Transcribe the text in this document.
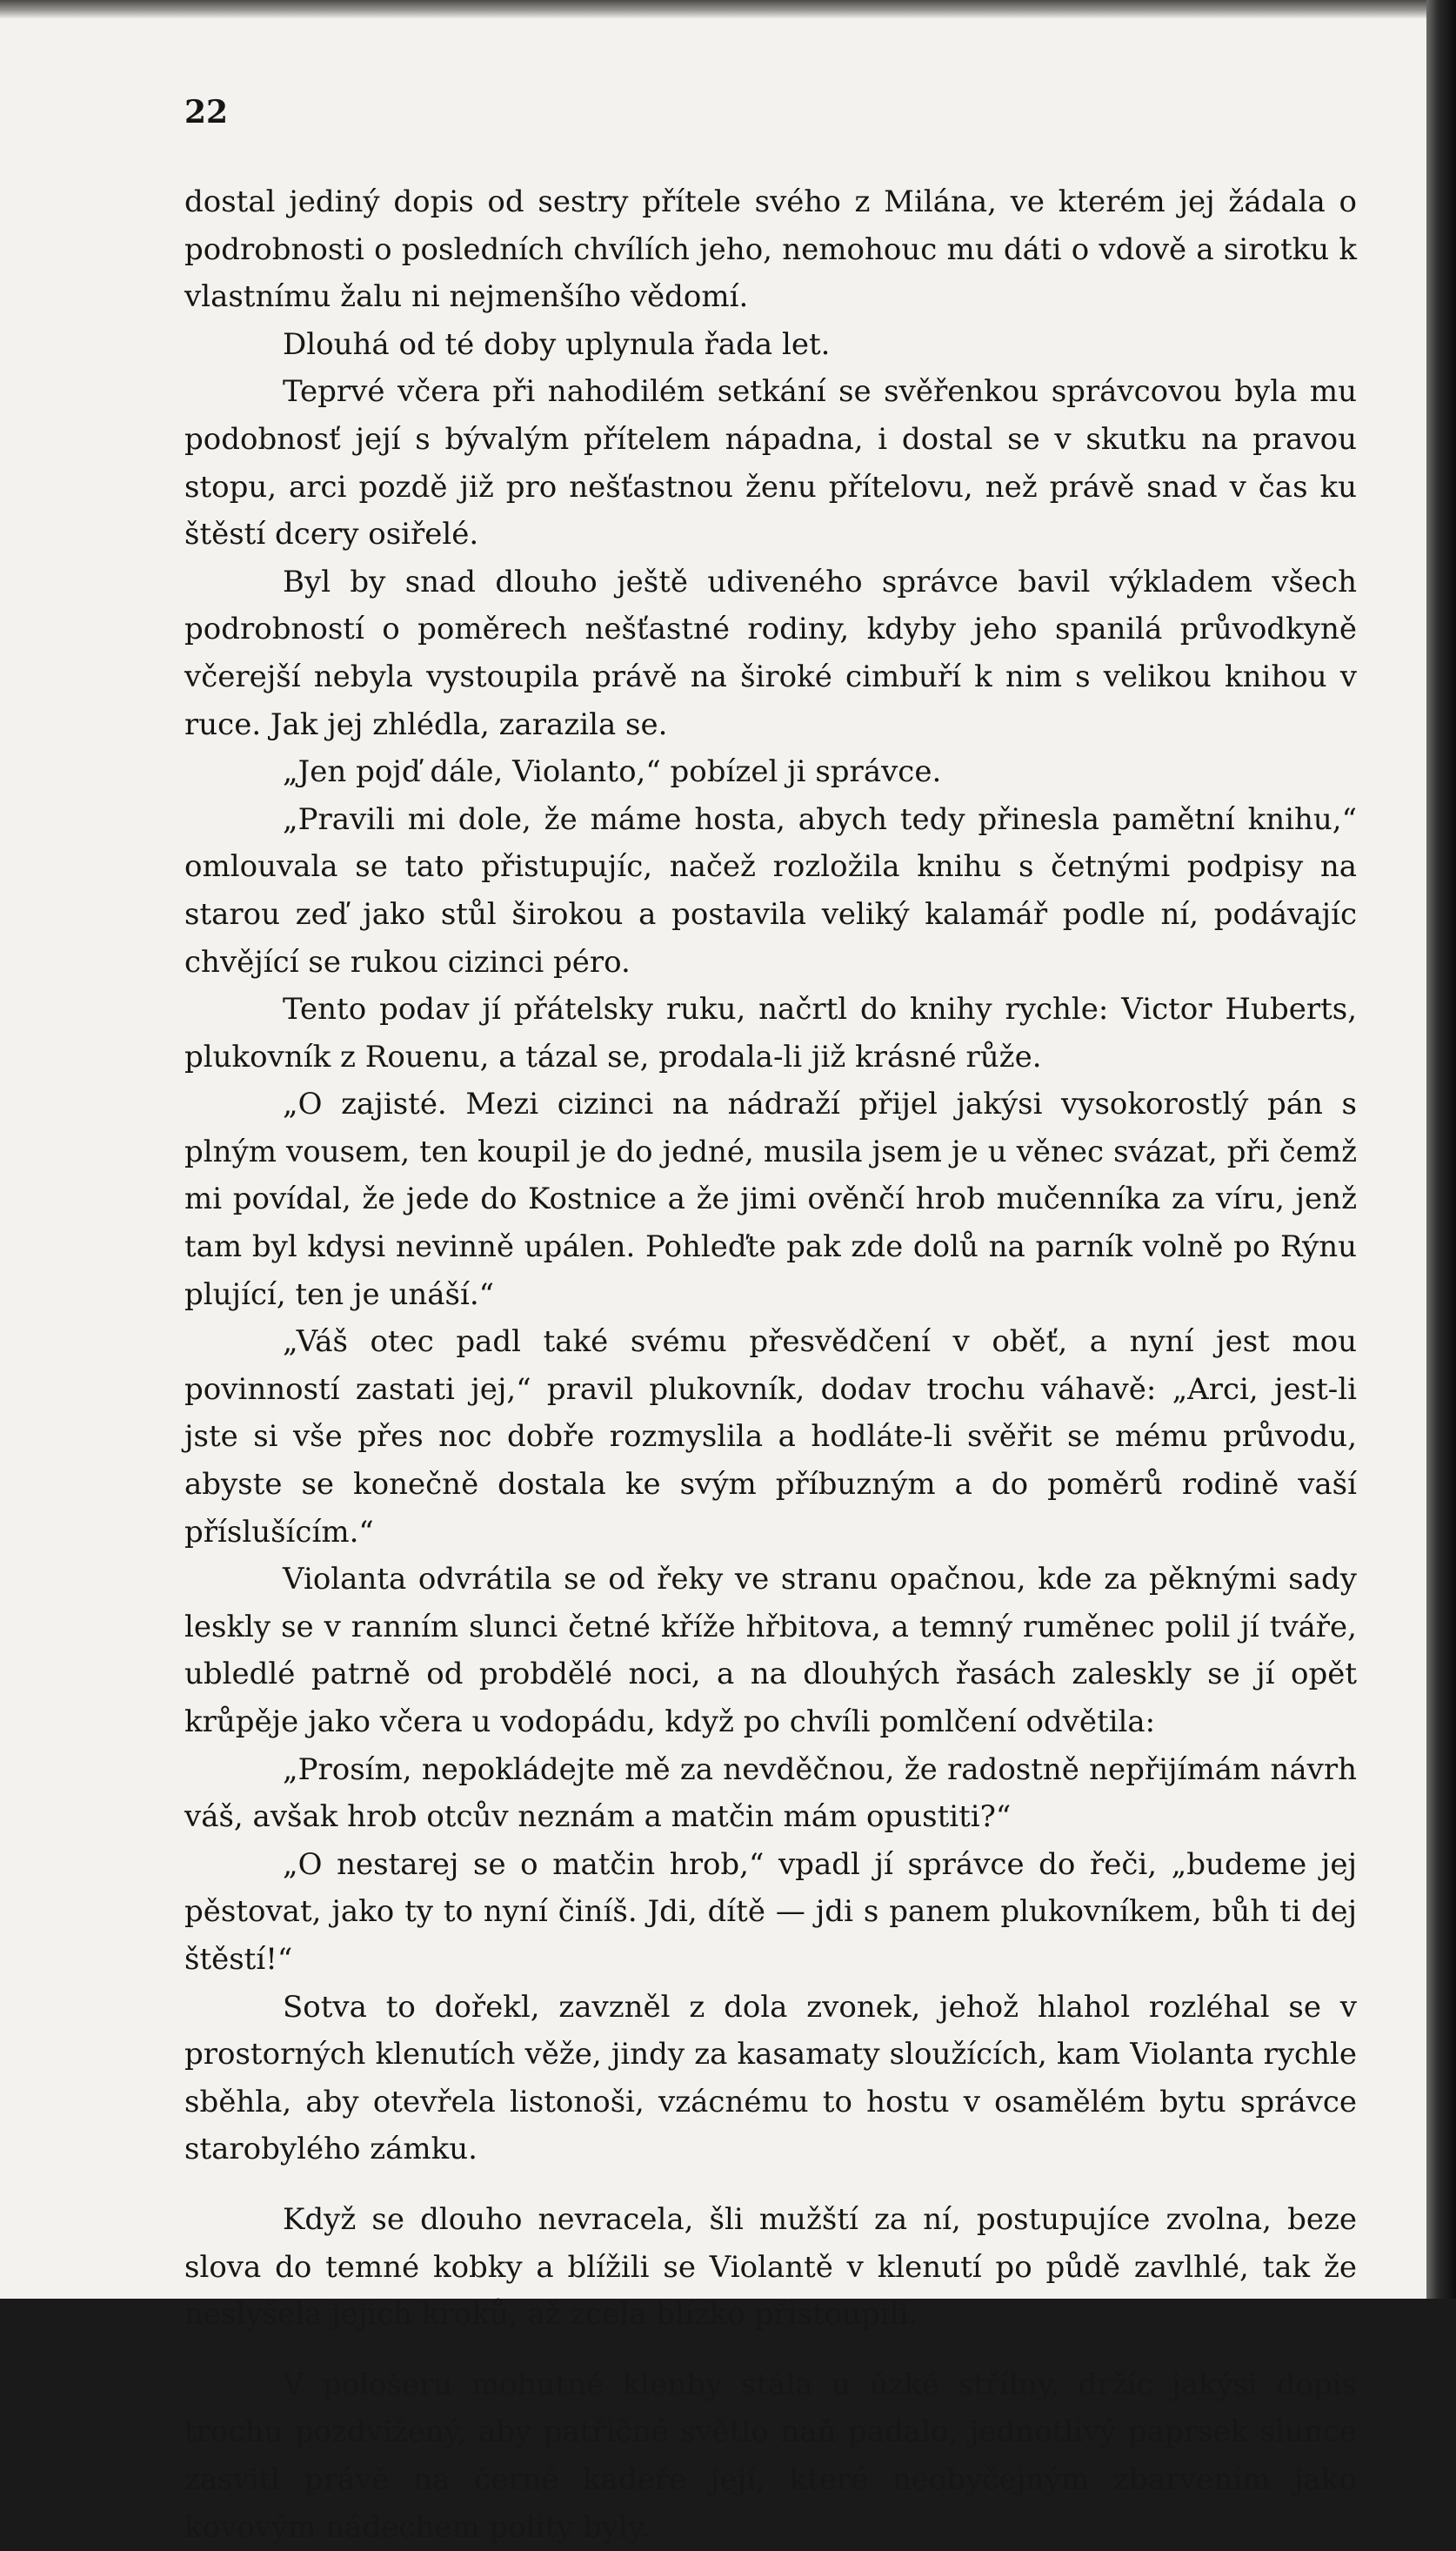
22

dostal jediný dopis od sestry přítele svého z Milána, ve kterém jej žádala o podrobnosti o posledních chvílích jeho, nemohouc mu dáti o vdově a sirotku k vlastnímu žalu ni nejmenšího vědomí.

Dlouhá od té doby uplynula řada let.

Teprvé včera při nahodilém setkání se svěřenkou správcovou byla mu podobnosť její s bývalým přítelem nápadna, i dostal se v skutku na pravou stopu, arci pozdě již pro nešťastnou ženu přítelovu, než právě snad v čas ku štěstí dcery osiřelé.

Byl by snad dlouho ještě udiveného správce bavil výkladem všech podrobností o poměrech nešťastné rodiny, kdyby jeho spanilá průvodkyně včerejší nebyla vystoupila právě na široké cimbuří k nim s velikou knihou v ruce. Jak jej zhlédla, zarazila se.

„Jen pojď dále, Violanto,“ pobízel ji správce.

„Pravili mi dole, že máme hosta, abych tedy přinesla pamětní knihu,“ omlouvala se tato přistupujíc, načež rozložila knihu s četnými podpisy na starou zeď jako stůl širokou a postavila veliký kalamář podle ní, podávajíc chvějící se rukou cizinci péro.

Tento podav jí přátelsky ruku, načrtl do knihy rychle: Victor Huberts, plukovník z Rouenu, a tázal se, prodala-li již krásné růže.

„O zajisté. Mezi cizinci na nádraží přijel jakýsi vysokorostlý pán s plným vousem, ten koupil je do jedné, musila jsem je u věnec svázat, při čemž mi povídal, že jede do Kostnice a že jimi ověnčí hrob mučenníka za víru, jenž tam byl kdysi nevinně upálen. Pohleďte pak zde dolů na parník volně po Rýnu plující, ten je unáší.“

„Váš otec padl také svému přesvědčení v oběť, a nyní jest mou povinností zastati jej,“ pravil plukovník, dodav trochu váhavě: „Arci, jest-li jste si vše přes noc dobře rozmyslila a hodláte-li svěřit se mému průvodu, abyste se konečně dostala ke svým příbuzným a do poměrů rodině vaší příslušícím.“

Violanta odvrátila se od řeky ve stranu opačnou, kde za pěknými sady leskly se v ranním slunci četné kříže hřbitova, a temný ruměnec polil jí tváře, ubledlé patrně od probdělé noci, a na dlouhých řasách zaleskly se jí opět krůpěje jako včera u vodopádu, když po chvíli pomlčení odvětila:

„Prosím, nepokládejte mě za nevděčnou, že radostně nepřijímám návrh váš, avšak hrob otcův neznám a matčin mám opustiti?“

„O nestarej se o matčin hrob,“ vpadl jí správce do řeči, „budeme jej pěstovat, jako ty to nyní činíš. Jdi, dítě — jdi s panem plukovníkem, bůh ti dej štěstí!“

Sotva to dořekl, zavzněl z dola zvonek, jehož hlahol rozléhal se v prostorných klenutích věže, jindy za kasamaty sloužících, kam Violanta rychle sběhla, aby otevřela listonoši, vzácnému to hostu v osamělém bytu správce starobylého zámku.

Když se dlouho nevracela, šli mužští za ní, postupujíce zvolna, beze slova do temné kobky a blížili se Violantě v klenutí po půdě zavlhlé, tak že neslyšela jejich kroků, až zcela blízko přistoupili.

V pološeru mohutné klenby stála u úzké střílny, držíc jakýsi dopis trochu pozdvižený, aby patřičné světlo naň padalo, jednotlivý paprsek slunce zasvitl právě na černé kadeře její, které neobyčejným zbarvením jako kovovým nádechem polity byly.
